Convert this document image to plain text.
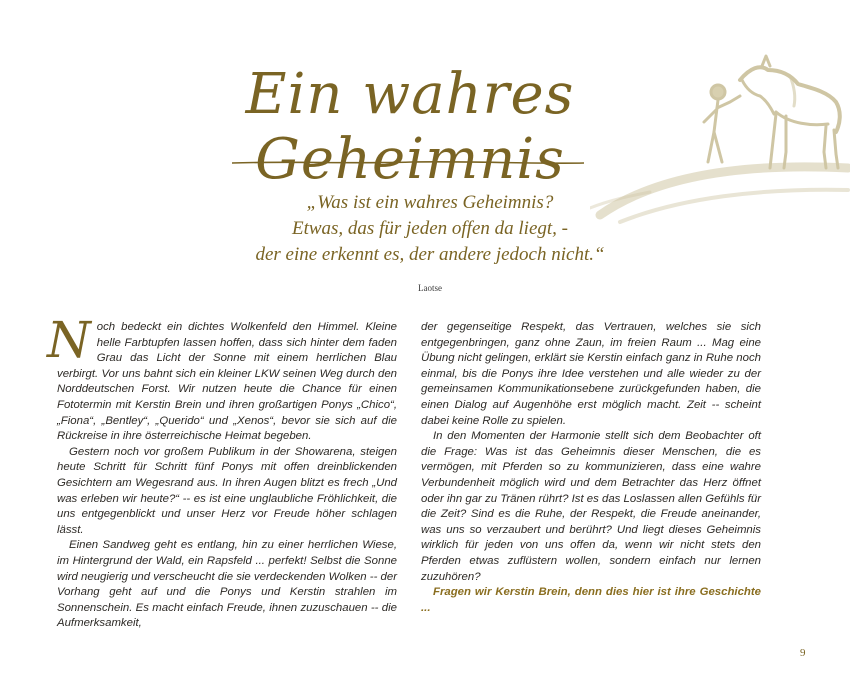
Ein wahres Geheimnis
„Was ist ein wahres Geheimnis?
Etwas, das für jeden offen da liegt, -
der eine erkennt es, der andere jedoch nicht.“
Laotse

Noch bedeckt ein dichtes Wolkenfeld den Himmel. Kleine helle Farbtupfen lassen hoffen, dass sich hinter dem faden Grau das Licht der Sonne mit einem herrlichen Blau verbirgt. Vor uns bahnt sich ein kleiner LKW seinen Weg durch den Norddeutschen Forst. Wir nutzen heute die Chance für einen Fototermin mit Kerstin Brein und ihren großartigen Ponys „Chico“, „Fiona“, „Bentley“, „Querido“ und „Xenos“, bevor sie sich auf die Rückreise in ihre österreichische Heimat begeben.

Gestern noch vor großem Publikum in der Showarena, steigen heute Schritt für Schritt fünf Ponys mit offen dreinblickenden Gesichtern am Wegesrand aus. In ihren Augen blitzt es frech „Und was erleben wir heute?“ -- es ist eine unglaubliche Fröhlichkeit, die uns entgegenblickt und unser Herz vor Freude höher schlagen lässt.

Einen Sandweg geht es entlang, hin zu einer herrlichen Wiese, im Hintergrund der Wald, ein Rapsfeld ... perfekt! Selbst die Sonne wird neugierig und verscheucht die sie verdeckenden Wolken -- der Vorhang geht auf und die Ponys und Kerstin strahlen im Sonnenschein. Es macht einfach Freude, ihnen zuzuschauen -- die Aufmerksamkeit,

der gegenseitige Respekt, das Vertrauen, welches sie sich entgegenbringen, ganz ohne Zaun, im freien Raum ... Mag eine Übung nicht gelingen, erklärt sie Kerstin einfach ganz in Ruhe noch einmal, bis die Ponys ihre Idee verstehen und alle wieder zu der gemeinsamen Kommunikationsebene zurückgefunden haben, die einen Dialog auf Augenhöhe erst möglich macht. Zeit -- scheint dabei keine Rolle zu spielen.

In den Momenten der Harmonie stellt sich dem Beobachter oft die Frage: Was ist das Geheimnis dieser Menschen, die es vermögen, mit Pferden so zu kommunizieren, dass eine wahre Verbundenheit möglich wird und dem Betrachter das Herz öffnet oder ihn gar zu Tränen rührt? Ist es das Loslassen allen Gefühls für die Zeit? Sind es die Ruhe, der Respekt, die Freude aneinander, was uns so verzaubert und berührt? Und liegt dieses Geheimnis wirklich für jeden von uns offen da, wenn wir nicht stets den Pferden etwas zuflüstern wollen, sondern einfach nur lernen zuzuhören?

Fragen wir Kerstin Brein, denn dies hier ist ihre Geschichte ...

9
